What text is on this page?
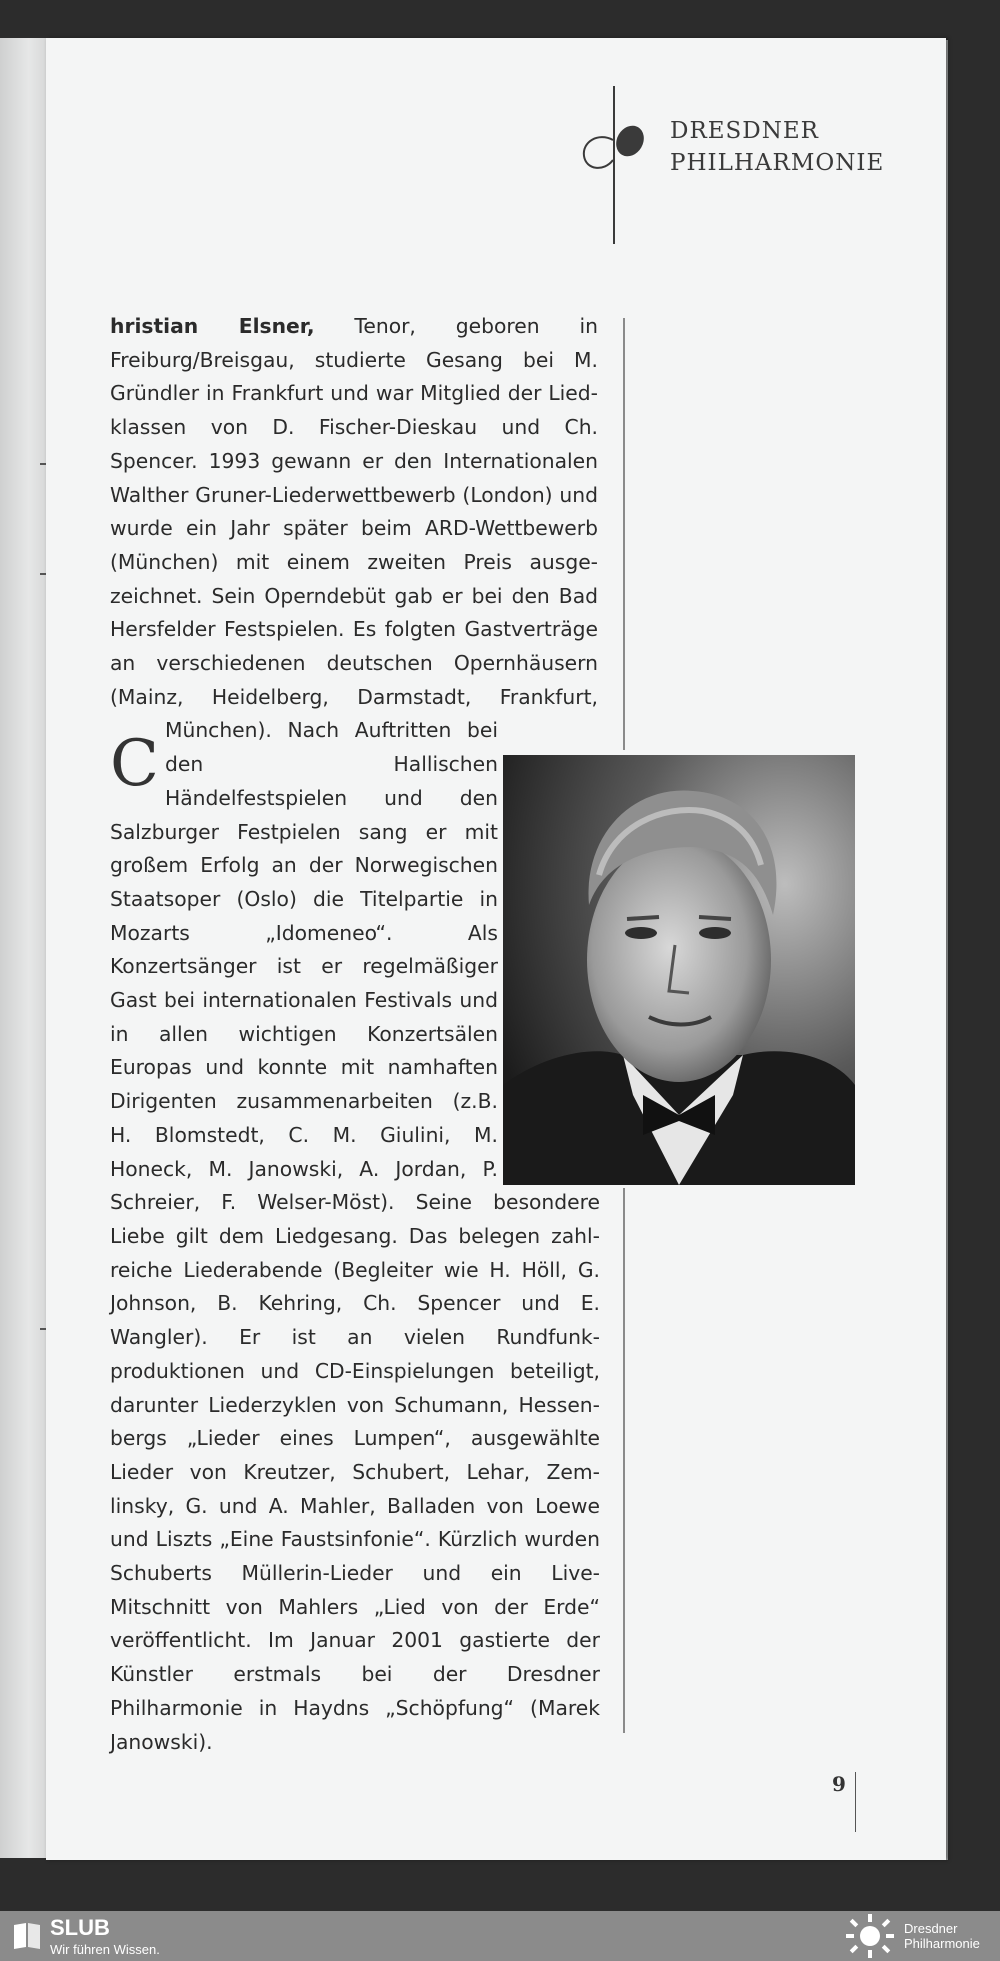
DRESDNER
PHILHARMONIE

C
hristian Elsner, Tenor, geboren in Freiburg/Breisgau, studierte Gesang bei M. Gründler in Frankfurt und war Mitglied der Liedklassen von D. Fischer-Dieskau und Ch. Spencer. 1993 gewann er den Internationalen Walther Gruner-Liederwettbewerb (London) und wurde ein Jahr später beim ARD-Wettbewerb (München) mit einem zweiten Preis ausgezeichnet. Sein Operndebüt gab er bei den Bad Hersfelder Festspielen. Es folgten Gastverträge an verschiedenen deutschen Opernhäusern (Mainz, Heidelberg, Darmstadt, Frankfurt, München). Nach Auftritten bei den Hallischen Händelfestspielen und den Salzburger Festpielen sang er mit großem Erfolg an der Norwegischen Staatsoper (Oslo) die Titelpartie in Mozarts „Idomeneo“. Als Konzertsänger ist er regelmäßiger Gast bei internationalen Festivals und in allen wichtigen Konzertsälen Europas und konnte mit namhaften Dirigenten zusammenarbeiten (z.B. H. Blomstedt, C. M. Giulini, M. Honeck, M. Janowski, A. Jordan, P. Schreier, F. Welser-Möst). Seine besondere Liebe gilt dem Liedgesang. Das belegen zahlreiche Liederabende (Begleiter wie H. Höll, G. Johnson, B. Kehring, Ch. Spencer und E. Wangler). Er ist an vielen Rundfunkproduktionen und CD-Einspielungen beteiligt, darunter Liederzyklen von Schumann, Hessenbergs „Lieder eines Lumpen“, ausgewählte Lieder von Kreutzer, Schubert, Lehar, Zemlinsky, G. und A. Mahler, Balladen von Loewe und Liszts „Eine Faustsinfonie“. Kürzlich wurden Schuberts Müllerin-Lieder und ein Live-Mitschnitt von Mahlers „Lied von der Erde“ veröffentlicht. Im Januar 2001 gastierte der Künstler erstmals bei der Dresdner Philharmonie in Haydns „Schöpfung“ (Marek Janowski).

9
SLUB
Wir führen Wissen.
Dresdner
Philharmonie
